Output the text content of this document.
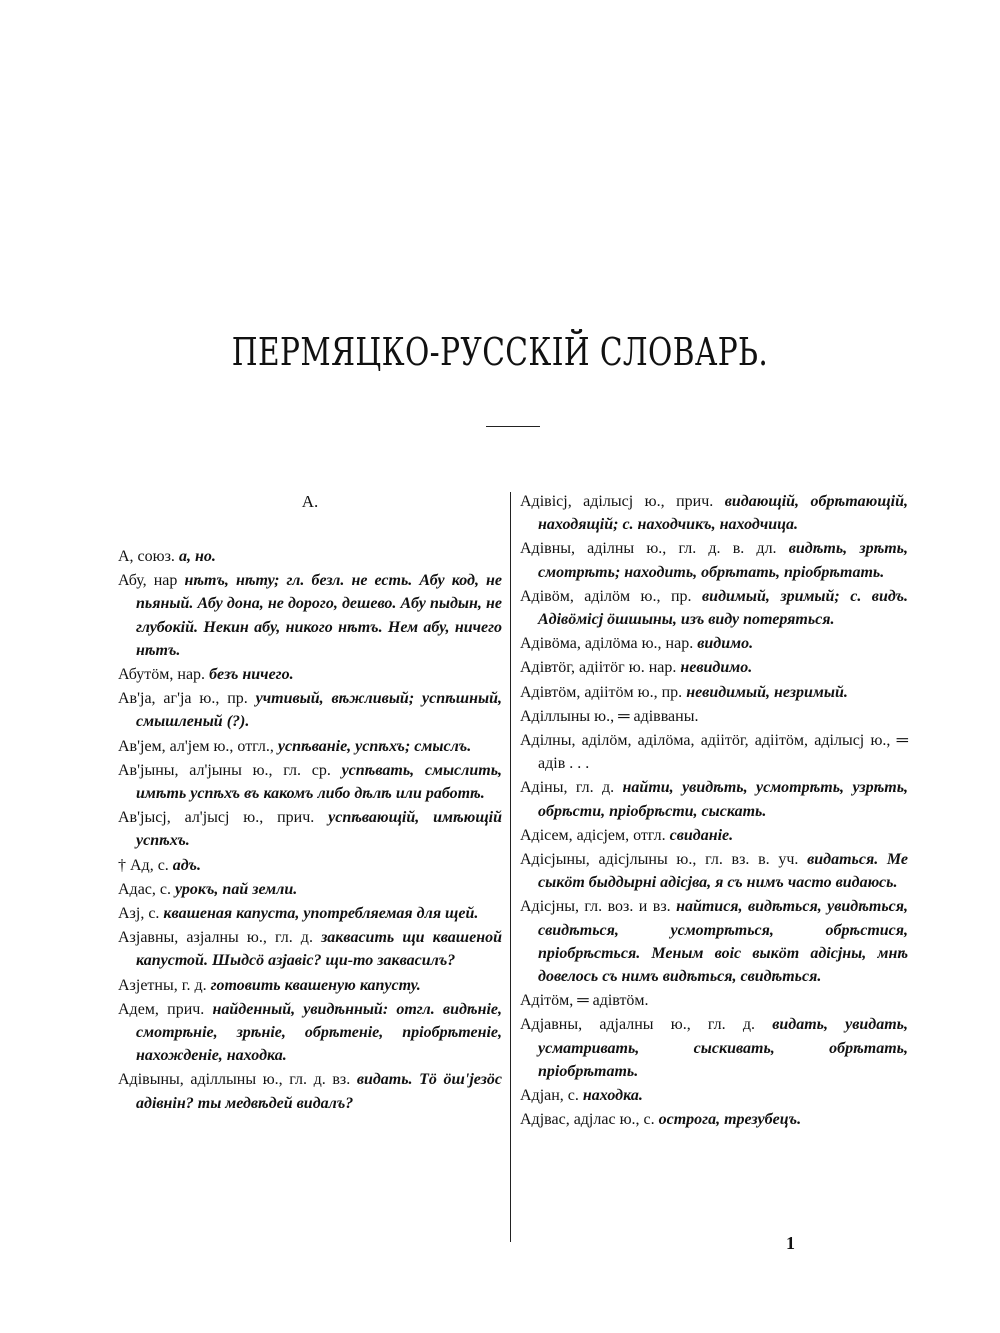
ПЕРМЯЦКО-РУССКІЙ СЛОВАРЬ.
А.
А, союз. а, но.
Абу, нар нѣтъ, нѣту; гл. безл. не есть. Абу код, не пьяный. Абу дона, не дорого, дешево. Абу пыдын, не глубокій. Некин абу, никого нѣтъ. Нем абу, ничего нѣтъ.
Абутӧм, нар. безъ ничего.
Ав'ја, аг'ја ю., пр. учтивый, вѣжливый; успѣшный, смышленый (?).
Ав'jем, ал'jем ю., отгл., успѣваніе, успѣхъ; смыслъ.
Ав'jыны, ал'jыны ю., гл. ср. успѣвать, смыслить, имѣть успѣхъ въ какомъ либо дѣлѣ или работѣ.
Ав'jысj, ал'jысj ю., прич. успѣвающій, имѣющій успѣхъ.
† Ад, с. адъ.
Адас, с. урокъ, пай земли.
Азj, с. квашеная капуста, употребляемая для щей.
Азjавны, азjалны ю., гл. д. заквасить щи квашеной капустой. Шыдсӧ азjавіс? щи-то заквасилъ?
Азjетны, г. д. готовить квашеную капусту.
Адем, прич. найденный, увидѣнный: отгл. видѣніе, смотрѣніе, зрѣніе, обрѣтеніе, пріобрѣтеніе, нахожденіе, находка.
Адівыны, аділлыны ю., гл. д. вз. видать. Тӧ ӧш'jезӧс адівнін? ты медвѣдей видалъ?
Адівісj, аділысj ю., прич. видающій, обрѣтающій, находящій; с. находчикъ, находчица.
Адівны, аділны ю., гл. д. в. дл. видѣть, зрѣть, смотрѣть; находить, обрѣтать, пріобрѣтать.
Адівӧм, аділӧм ю., пр. видимый, зримый; с. видъ. Адівӧмісj ӧшшыны, изъ виду потеряться.
Адівӧма, аділӧма ю., нар. видимо.
Адівтӧг, адіітӧг ю. нар. невидимо.
Адівтӧм, адіітӧм ю., пр. невидимый, незримый.
Аділлыны ю., ═ адівваны.
Аділны, аділӧм, аділӧма, адіітӧг, адіітӧм, аділысj ю., ═ адів . . .
Адіны, гл. д. найти, увидѣть, усмотрѣть, узрѣть, обрѣсти, пріобрѣсти, сыскать.
Адісем, адісjем, отгл. свиданіе.
Адісjыны, адісjлыны ю., гл. вз. в. уч. видаться. Ме сыкӧт быддырні адісjва, я съ нимъ часто видаюсь.
Адісjны, гл. воз. и вз. найтися, видѣться, увидѣться, свидѣться, усмотрѣться, обрѣстися, пріобрѣсться. Меным воіс выкӧт адісjны, мнѣ довелось съ нимъ видѣться, свидѣться.
Адітӧм, ═ адівтӧм.
Адјавны, адјалны ю., гл. д. видать, увидать, усматривать, сыскивать, обрѣтать, пріобрѣтать.
Адјан, с. находка.
Адјвас, адјлас ю., с. острога, трезубецъ.
1
